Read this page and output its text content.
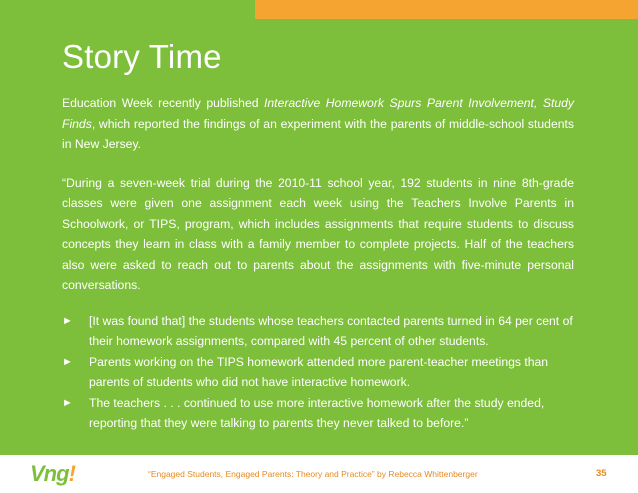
Story Time

Education Week recently published Interactive Homework Spurs Parent Involvement, Study Finds, which reported the findings of an experiment with the parents of middle-school students in New Jersey.

“During a seven-week trial during the 2010-11 school year, 192 students in nine 8th-grade classes were given one assignment each week using the Teachers Involve Parents in Schoolwork, or TIPS, program, which includes assignments that require students to discuss concepts they learn in class with a family member to complete projects. Half of the teachers also were asked to reach out to parents about the assignments with five-minute personal conversations.

► [It was found that] the students whose teachers contacted parents turned in 64 per cent of their homework assignments, compared with 45 percent of other students.
► Parents working on the TIPS homework attended more parent-teacher meetings than parents of students who did not have interactive homework.
► The teachers . . . continued to use more interactive homework after the study ended, reporting that they were talking to parents they never talked to before.”
Vng!	“Engaged Students, Engaged Parents: Theory and Practice” by Rebecca Whittenberger	35
